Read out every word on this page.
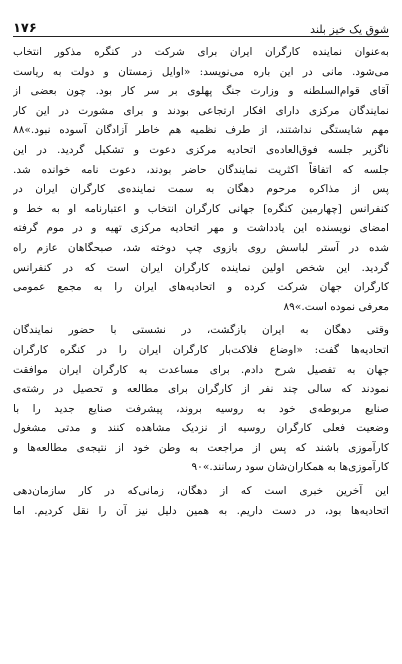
شوق یک خیز بلند
۱۷۶

به‌عنوان نماینده کارگران ایران برای شرکت در کنگره مذکور انتخاب
می‌شود. مانی در این باره می‌نویسد: «اوایل زمستان و دولت به ریاست
آقای قوام‌السلطنه و وزارت جنگ پهلوی بر سر کار بود. چون بعضی از
نمایندگان مرکزی دارای افکار ارتجاعی بودند و برای مشورت در این کار
مهم شایستگی نداشتند، از طرف نظمیه هم خاطر آزادگان آسوده نبود.»۸۸
ناگزیر جلسه فوق‌العاده‌ی اتحادیه مرکزی دعوت و تشکیل گردید. در این
جلسه که اتفاقاً اکثریت نمایندگان حاضر بودند، دعوت نامه خوانده شد.
پس از مذاکره مرحوم دهگان به سمت نماینده‌ی کارگران ایران در
کنفرانس [چهارمین کنگره] جهانی کارگران انتخاب و اعتبارنامه او به خط و
امضای نویسنده این یادداشت و مهر اتحادیه مرکزی تهیه و در موم گرفته
شده در آستر لباسش روی بازوی چپ دوخته شد، صبحگاهان عازم راه
گردید. این شخص اولین نماینده کارگران ایران است که در کنفرانس
کارگران جهان شرکت کرده و اتحادیه‌های ایران را به مجمع عمومی
معرفی نموده است.»۸۹

وقتی دهگان به ایران بازگشت، در نشستی با حضور نمایندگان
اتحادیه‌ها گفت: «اوضاع فلاکت‌بار کارگران ایران را در کنگره کارگران
جهان به تفصیل شرح دادم. برای مساعدت به کارگران ایران موافقت
نمودند که سالی چند نفر از کارگران برای مطالعه و تحصیل در رشته‌ی
صنایع مربوطه‌ی خود به روسیه بروند، پیشرفت صنایع جدید را با
وضعیت فعلی کارگران روسیه از نزدیک مشاهده کنند و مدتی مشغول
کارآموزی باشند که پس از مراجعت به وطن خود از نتیجه‌ی مطالعه‌ها و
کارآموزی‌ها به همکاران‌شان سود رسانند.»۹۰

این آخرین خبری است که از دهگان، زمانی‌که در کار سازمان‌دهی
اتحادیه‌ها بود، در دست داریم. به همین دلیل نیز آن را نقل کردیم. اما
